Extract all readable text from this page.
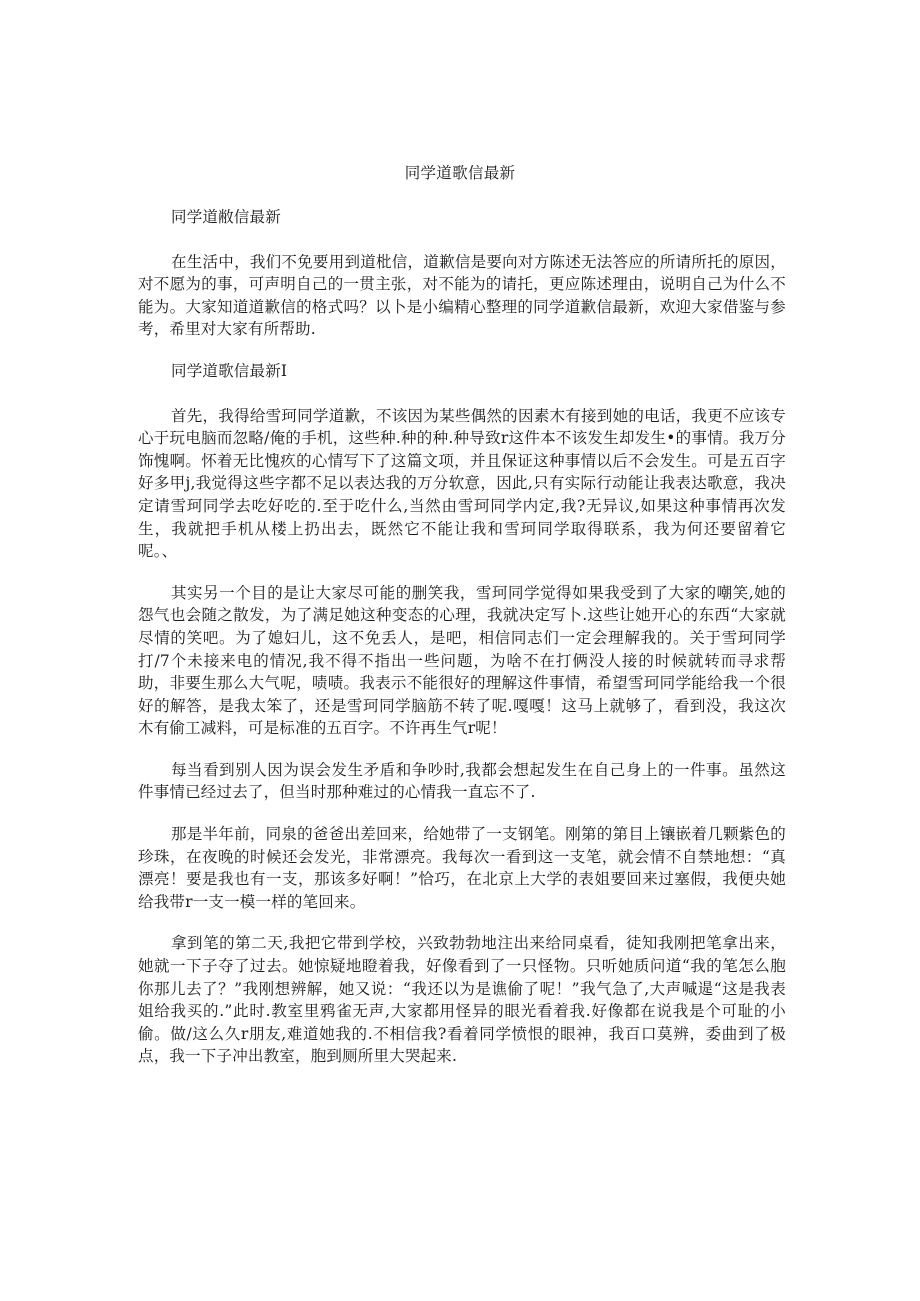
同学道歌信最新

同学道敝信最新

在生活中，我们不免要用到道枇信，道歉信是要向对方陈述无法答应的所请所托的原因，对不愿为的事，可声明自己的一贯主张，对不能为的请托，更应陈述理由，说明自己为什么不能为。大家知道道歉信的格式吗？以卜是小编精心整理的同学道歉信最新，欢迎大家借鉴与参考，希里对大家有所帮助.

同学道歌信最新I

首先，我得给雪珂同学道歉，不该因为某些偶然的因素木有接到她的电话，我更不应该专心于玩电脑而忽略/俺的手机，这些种.种的种.种导致r这件本不该发生却发生•的事情。我万分饰愧啊。怀着无比愧疚的心情写下了这篇文项，并且保证这种事情以后不会发生。可是五百字好多甲j,我觉得这些字都不足以表达我的万分软意，因此,只有实际行动能让我表达歌意，我决定请雪珂同学去吃好吃的.至于吃什么,当然由雪珂同学内定,我?无异议,如果这种事情再次发生，我就把手机从楼上扔出去，既然它不能让我和雪珂同学取得联系，我为何还要留着它呢。、

其实另一个目的是让大家尽可能的删笑我，雪珂同学觉得如果我受到了大家的嘲笑,她的怨气也会随之散发，为了满足她这种变态的心理，我就决定写卜.这些让她开心的东西“大家就尽情的笑吧。为了媳妇儿，这不免丢人，是吧，相信同志们一定会理解我的。关于雪珂同学打/7个未接来电的情况,我不得不指出一些问题，为啥不在打俩没人接的时候就转而寻求帮助，非要生那么大气呢，啧啧。我表示不能很好的理解这件事情，希望雪珂同学能给我一个很好的解答，是我太笨了，还是雪珂同学脑筋不转了呢.嘎嘎！这马上就够了，看到没，我这次木有偷工减料，可是标准的五百字。不许再生气r呢！

每当看到别人因为误会发生矛盾和争吵时,我都会想起发生在自己身上的一件事。虽然这件事情已经过去了，但当时那种难过的心情我一直忘不了.

那是半年前，同泉的爸爸出差回来，给她带了一支钢笔。刚第的第目上镶嵌着几颗紫色的珍珠，在夜晚的时候还会发光，非常漂亮。我每次一看到这一支笔，就会情不自禁地想：“真漂亮！要是我也有一支，那该多好啊！”恰巧，在北京上大学的表姐要回来过塞假，我便央她给我带r一支一模一样的笔回来。

拿到笔的第二天,我把它带到学校，兴致勃勃地注出来给同桌看，徒知我刚把笔拿出来，她就一下子夺了过去。她惊疑地瞪着我，好像看到了一只怪物。只听她质问道“我的笔怎么胞你那儿去了？”我刚想辨解，她又说：“我还以为是谯偷了呢！”我气急了,大声喊遈“这是我表姐给我买的.”此时.教室里鸦雀无声,大家都用怪异的眼光看着我.好像都在说我是个可耻的小偷。做/这么久r朋友,难道她我的.不相信我?看着同学愤恨的眼神，我百口莫辨，委曲到了极点，我一下子冲出教室，胞到厕所里大哭起来.
